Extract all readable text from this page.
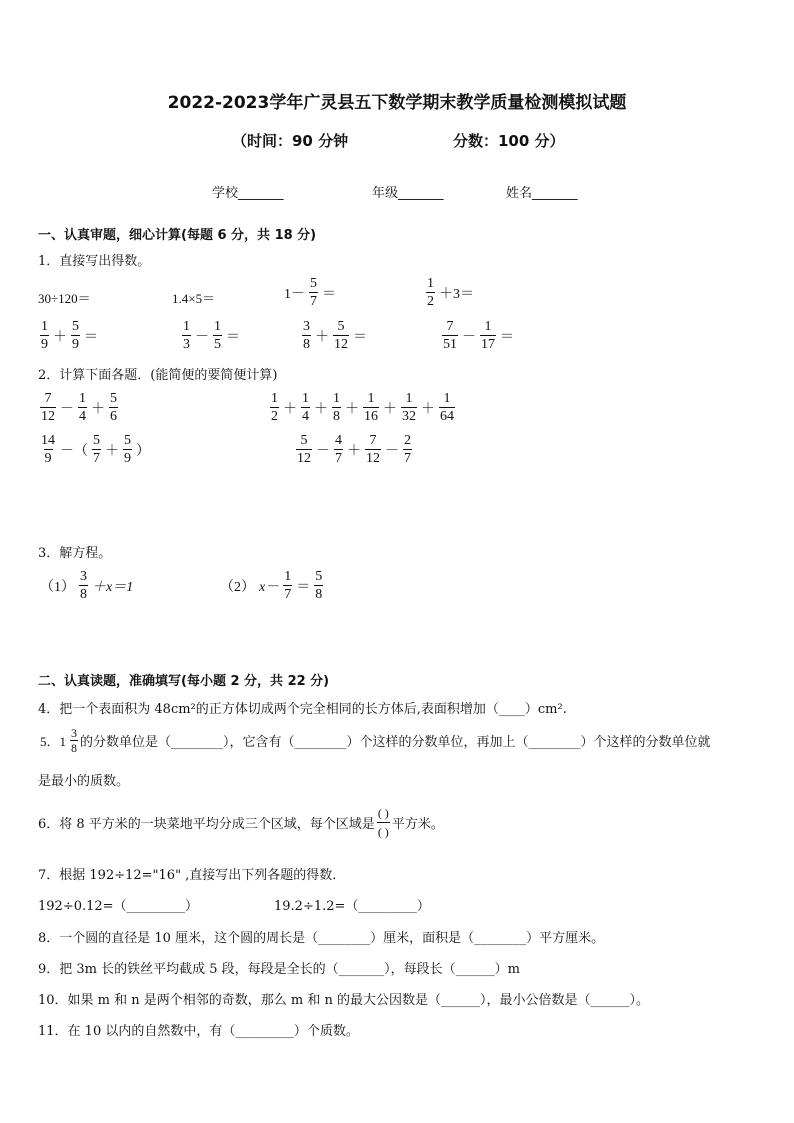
2022-2023学年广灵县五下数学期末教学质量检测模拟试题
（时间：90 分钟	分数：100 分）
学校_______	年级_______	姓名_______
一、认真审题，细心计算(每题 6 分，共 18 分)
1．直接写出得数。
30÷120＝	1.4×5＝	$1- \frac{5}{7}$ ＝	$\frac{1}{2} +3=$
$\frac{1}{9} + \frac{5}{9}$ ＝	$\frac{1}{3} - \frac{1}{5}$ ＝	$\frac{3}{8} + \frac{5}{12}$ ＝	$\frac{7}{51} - \frac{1}{17}$ ＝
2．计算下面各题．(能简便的要简便计算)
$\frac{7}{12} - \frac{1}{4} + \frac{5}{6}$	$\frac{1}{2} + \frac{1}{4} + \frac{1}{8} + \frac{1}{16} + \frac{1}{32} + \frac{1}{64}$
$\frac{14}{9}$ －（ $\frac{5}{7} + \frac{5}{9}$ ）	$\frac{5}{12} - \frac{4}{7} + \frac{7}{12} - \frac{2}{7}$
3．解方程。
$(1) \frac{3}{8} +x=1$	（2） $x- \frac{1}{7} = \frac{5}{8}$
二、认真读题，准确填写(每小题 2 分，共 22 分)
4．把一个表面积为 48cm²的正方体切成两个完全相同的长方体后,表面积增加（____）cm².
5．$1 \frac{3}{8}$ 的分数单位是（________），它含有（________）个这样的分数单位，再加上（________）个这样的分数单位就
是最小的质数。
6．将 8 平方米的一块菜地平均分成三个区域，每个区域是 $\frac{( )}{( )}$ 平方米。
7．根据 192÷12="16" ,直接写出下列各题的得数．
192÷0.12=（_________）	19.2÷1.2=（_________）
8．一个圆的直径是 10 厘米，这个圆的周长是（________）厘米，面积是（________）平方厘米。
9．把 3m 长的铁丝平均截成 5 段，每段是全长的（_______），每段长（______）m
10．如果 m 和 n 是两个相邻的奇数，那么 m 和 n 的最大公因数是（______），最小公倍数是（______）。
11．在 10 以内的自然数中，有（_________）个质数。
